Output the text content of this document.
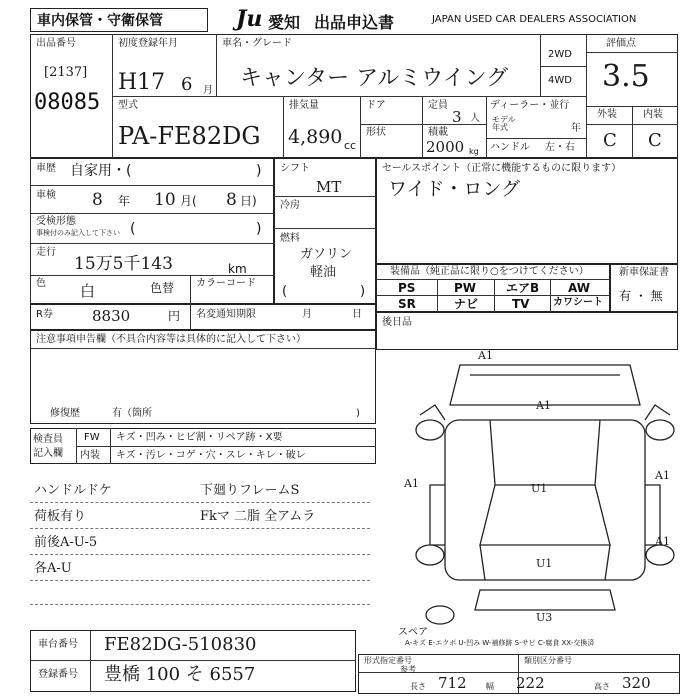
車内保管・守衛保管	Ju 愛知 出品申込書	JAPAN USED CAR DEALERS ASSOCIATION
出品番号
[2137]
08085
初度登録年月
H17 6 月
車名・グレード
キャンター アルミウイング
2WD
4WD
評価点
3.5
外装	内装
C C
型式
PA-FE82DG
排気量
4,890 cc
ドア
形状
定員
3 人
積載
2000 kg
ディーラー・並行
モデル
年式	年
ハンドル 左・右
車歴 自家用・(	)
車検 8 年 10 月( 8 日)
受検形態
事検付のみ記入して下さい (	)
走行
15万5千143	km
色 白	色替 カラーコード
シフト
MT
冷房
燃料
ガソリン
軽油
(	)
セールスポイント（正常に機能するものに限ります）
ワイド・ロング
装備品（純正品に限り○をつけてください）
PS	PW エアB AW
SR	ナビ	TV カワシート
新車保証書
有 ・ 無
R券	8830	円 名変通知期限	月	日
後日品
注意事項申告欄（不具合内容等は具体的に記入して下さい）
修復歴	有（箇所	)
検査員
記入欄
FW キズ・凹み・ヒビ割・リペア跡・X要
内装 キズ・汚レ・コゲ・穴・スレ・キレ・破レ
ハンドルドケ
荷板有り
前後A-U-5
各A-U
下廻りフレームS
Fkマ 二脂 全アムラ
A1
A1
A1
A1
U1
U1
U3
A1
スペア
A-キズ E-エクボ U-凹み W-補修跡 S-サビ C-腐食 XX-交換済
車台番号 FE82DG-510830
登録番号 豊橋 100 そ 6557
形式指定番号
参考
類別区分番号
長さ 712 幅 222	高さ 320
